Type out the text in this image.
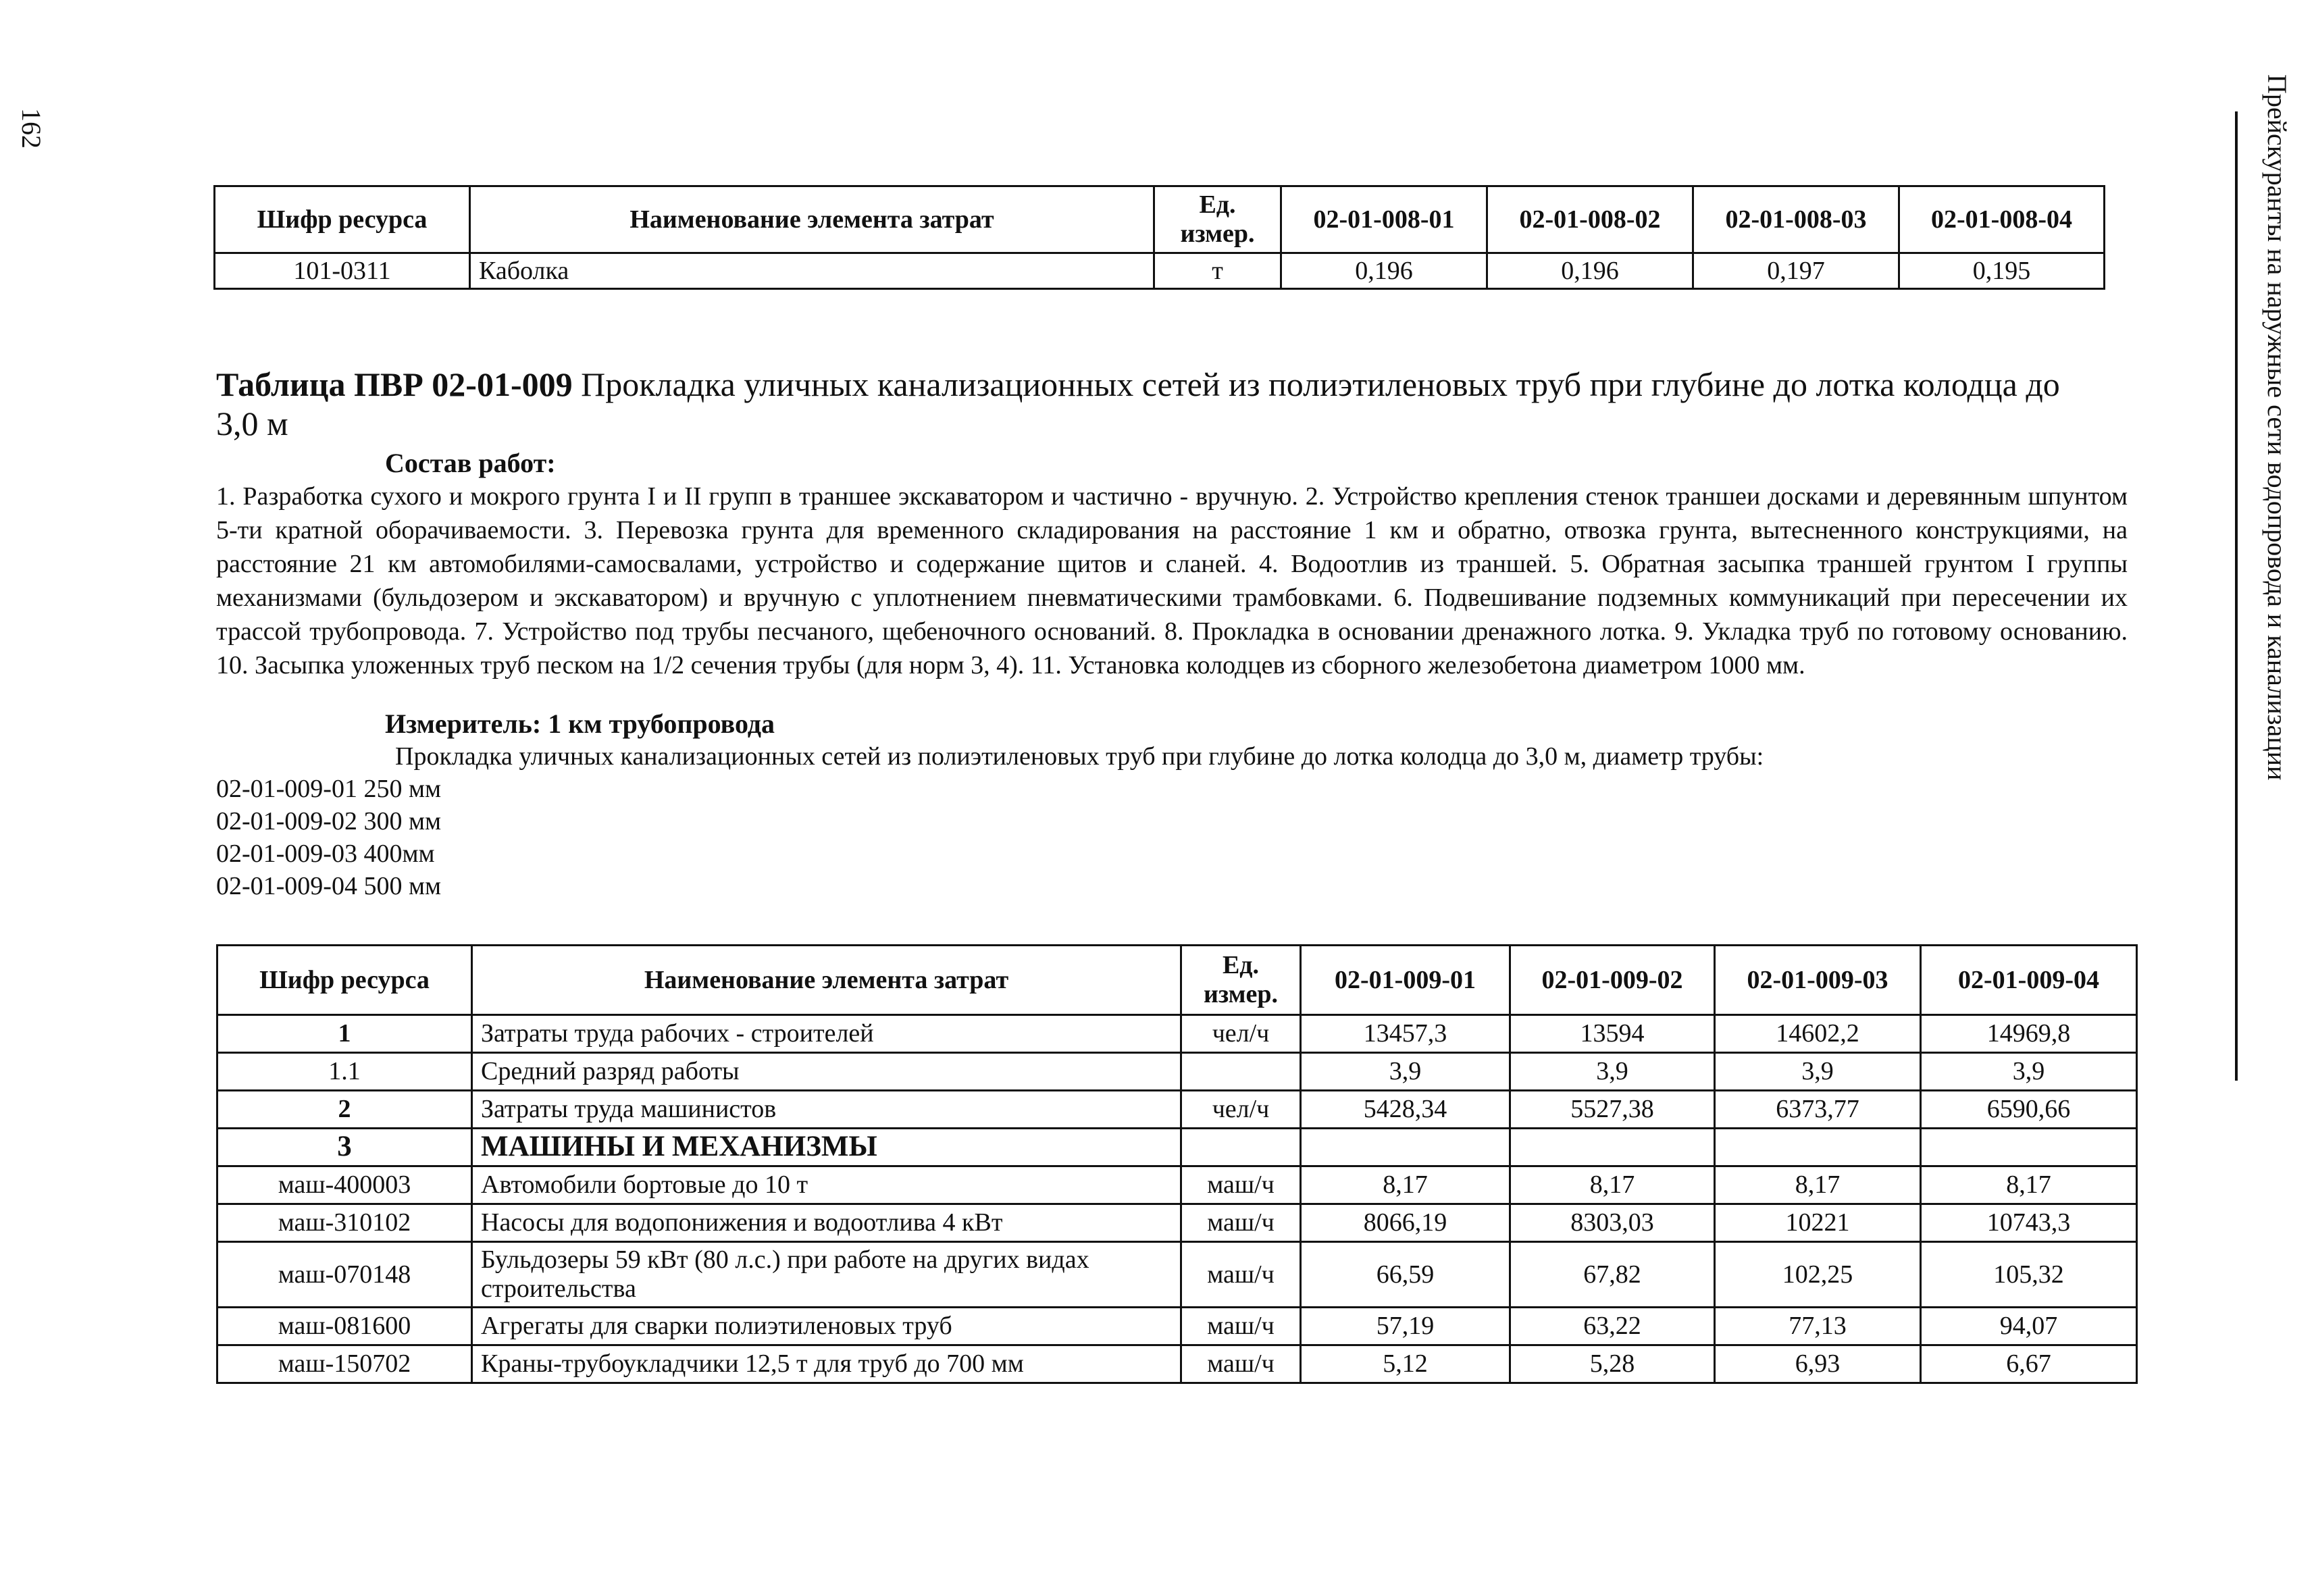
162	Прейскуранты на наружные сети водопровода и канализации
Шифр ресурса	Наименование элемента затрат	Ед. измер.	02-01-008-01	02-01-008-02	02-01-008-03	02-01-008-04
101-0311	Каболка	т	0,196	0,196	0,197	0,195
Таблица ПВР 02-01-009 Прокладка уличных канализационных сетей из полиэтиленовых труб при глубине до лотка колодца до 3,0 м
Состав работ:
1. Разработка сухого и мокрого грунта I и II групп в траншее экскаватором и частично - вручную. 2. Устройство крепления стенок траншеи досками и деревянным шпунтом 5-ти кратной оборачиваемости. 3. Перевозка грунта для временного складирования на расстояние 1 км и обратно, отвозка грунта, вытесненного конструкциями, на расстояние 21 км автомобилями-самосвалами, устройство и содержание щитов и сланей. 4. Водоотлив из траншей. 5. Обратная засыпка траншей грунтом I группы механизмами (бульдозером и экскаватором) и вручную с уплотнением пневматическими трамбовками. 6. Подвешивание подземных коммуникаций при пересечении их трассой трубопровода. 7. Устройство под трубы песчаного, щебеночного оснований. 8. Прокладка в основании дренажного лотка. 9. Укладка труб по готовому основанию. 10. Засыпка уложенных труб песком на 1/2 сечения трубы (для норм 3, 4). 11. Установка колодцев из сборного железобетона диаметром 1000 мм.
Измеритель: 1 км трубопровода
Прокладка уличных канализационных сетей из полиэтиленовых труб при глубине до лотка колодца до 3,0 м, диаметр трубы:
02-01-009-01 250 мм
02-01-009-02 300 мм
02-01-009-03 400мм
02-01-009-04 500 мм
Шифр ресурса	Наименование элемента затрат	Ед. измер.	02-01-009-01	02-01-009-02	02-01-009-03	02-01-009-04
1	Затраты труда рабочих - строителей	чел/ч	13457,3	13594	14602,2	14969,8
1.1	Средний разряд работы		3,9	3,9	3,9	3,9
2	Затраты труда машинистов	чел/ч	5428,34	5527,38	6373,77	6590,66
3	МАШИНЫ И МЕХАНИЗМЫ					
маш-400003	Автомобили бортовые до 10 т	маш/ч	8,17	8,17	8,17	8,17
маш-310102	Насосы для водопонижения и водоотлива 4 кВт	маш/ч	8066,19	8303,03	10221	10743,3
маш-070148	Бульдозеры 59 кВт (80 л.с.) при работе на других видах строительства	маш/ч	66,59	67,82	102,25	105,32
маш-081600	Агрегаты для сварки полиэтиленовых труб	маш/ч	57,19	63,22	77,13	94,07
маш-150702	Краны-трубоукладчики 12,5 т для труб до 700 мм	маш/ч	5,12	5,28	6,93	6,67
